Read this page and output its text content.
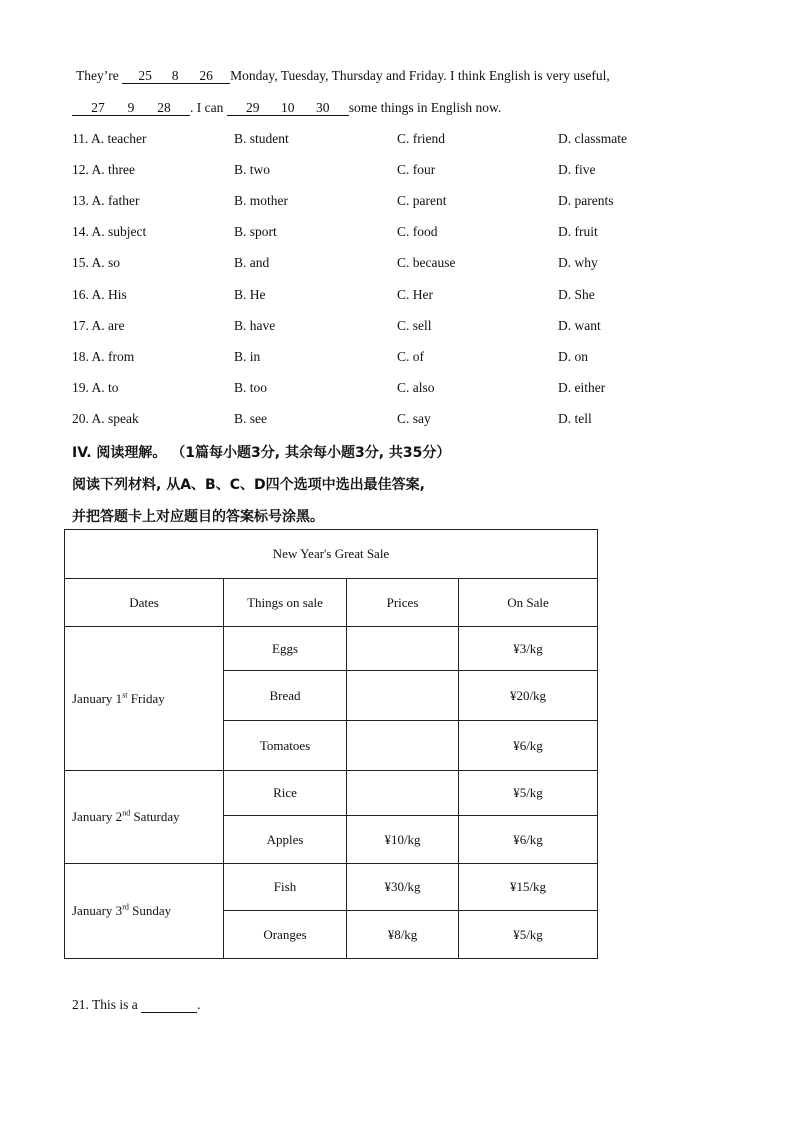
They’re 25 8 26 Monday, Tuesday, Thursday and Friday. I think English is very useful,
27 9 28 . I can 29 10 30 some things in English now.
11. A. teacher	B. student	C. friend	D. classmate
12. A. three	B. two	C. four	D. five
13. A. father	B. mother	C. parent	D. parents
14. A. subject	B. sport	C. food	D. fruit
15. A. so	B. and	C. because	D. why
16. A. His	B. He	C. Her	D. She
17. A. are	B. have	C. sell	D. want
18. A. from	B. in	C. of	D. on
19. A. to	B. too	C. also	D. either
20. A. speak	B. see	C. say	D. tell
IV. 阅读理解。 （1篇每小题3分, 其余每小题3分, 共35分）
阅读下列材料, 从A、B、C、D四个选项中选出最佳答案,
并把答题卡上对应题目的答案标号涂黑。
New Year's Great Sale			
Dates	Things on sale	Prices	On Sale
January 1st Friday	Eggs		¥3/kg
	Bread		¥20/kg
	Tomatoes		¥6/kg
January 2nd Saturday	Rice		¥5/kg
	Apples	¥10/kg	¥6/kg
January 3rd Sunday	Fish	¥30/kg	¥15/kg
	Oranges	¥8/kg	¥5/kg
21. This is a	.
